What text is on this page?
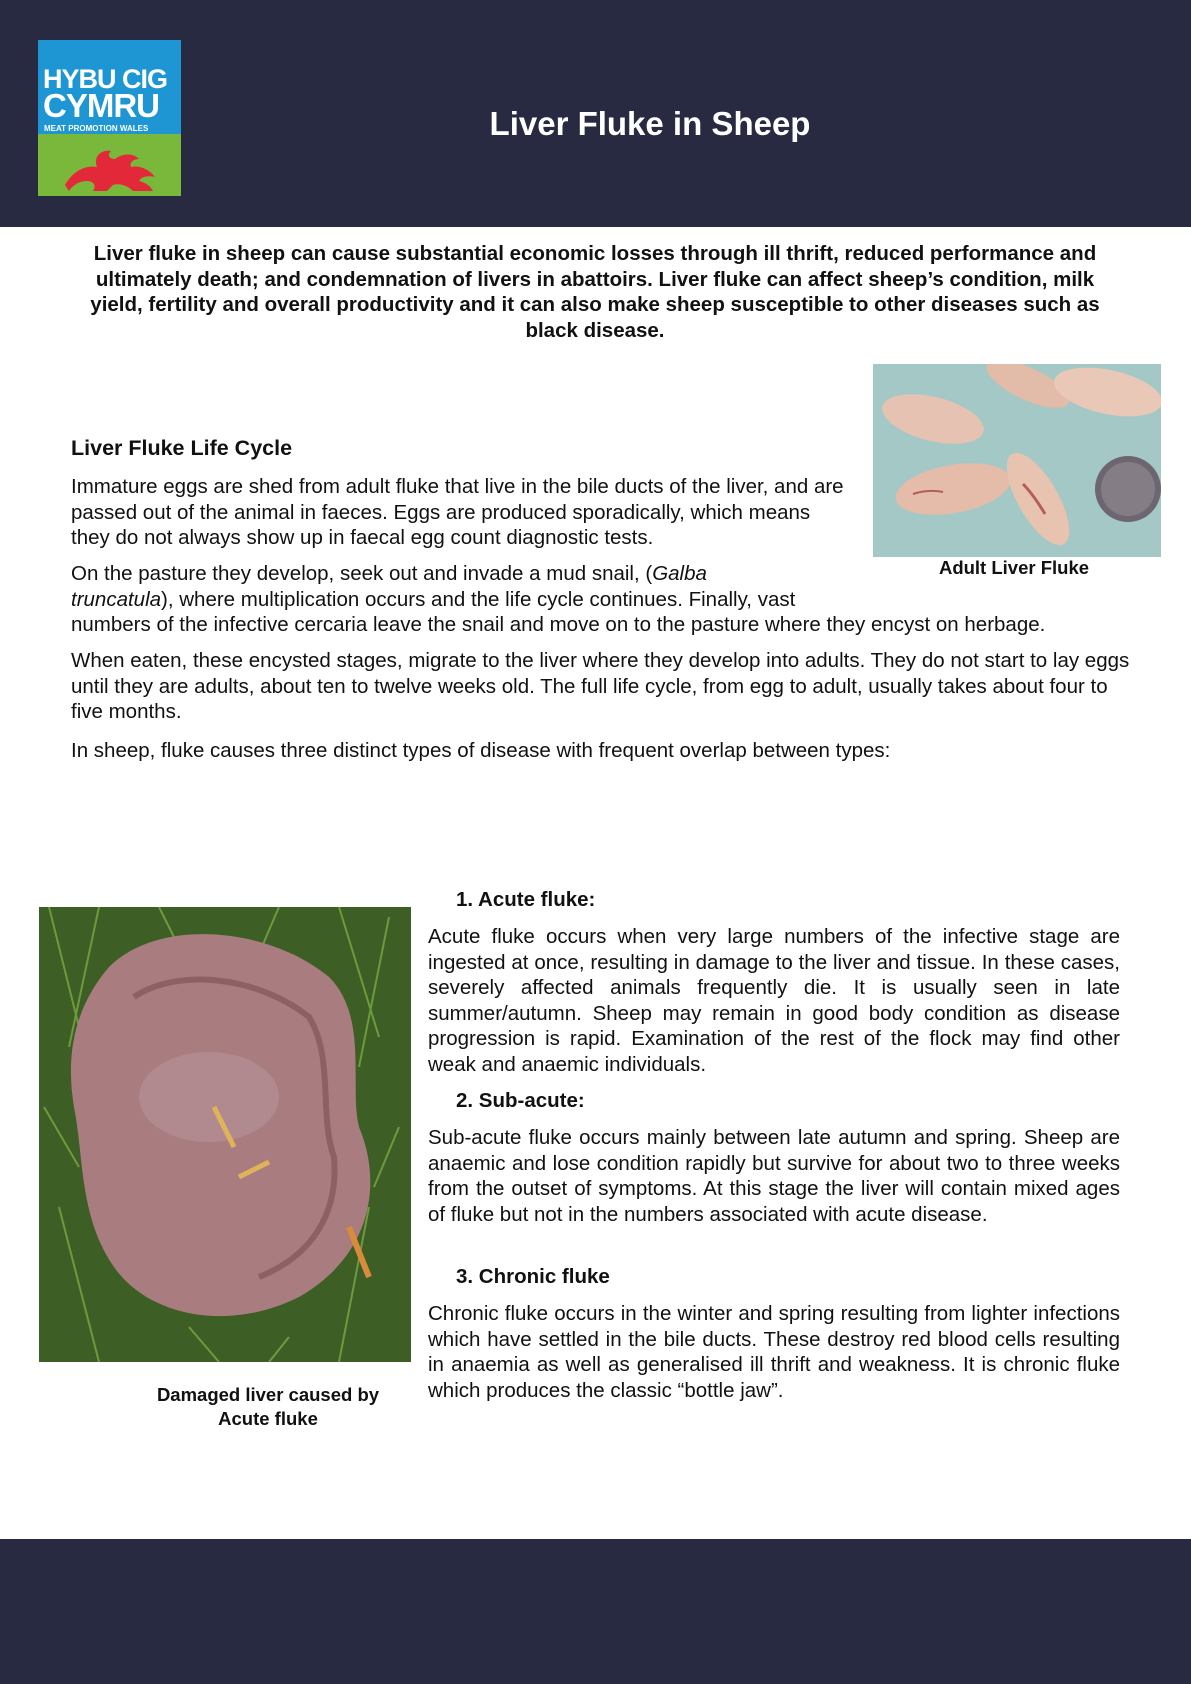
HYBU CIG
CYMRU
MEAT PROMOTION WALES	Liver Fluke in Sheep

Liver fluke in sheep can cause substantial economic losses through ill thrift, reduced performance and ultimately death; and condemnation of livers in abattoirs. Liver fluke can affect sheep’s condition, milk yield, fertility and overall productivity and it can also make sheep susceptible to other diseases such as black disease.

Adult Liver Fluke

Liver Fluke Life Cycle

Immature eggs are shed from adult fluke that live in the bile ducts of the liver, and are passed out of the animal in faeces. Eggs are produced sporadically, which means they do not always show up in faecal egg count diagnostic tests.

On the pasture they develop, seek out and invade a mud snail, (Galba
truncatula), where multiplication occurs and the life cycle continues. Finally, vast

numbers of the infective cercaria leave the snail and move on to the pasture where they encyst on herbage.

When eaten, these encysted stages, migrate to the liver where they develop into adults. They do not start to lay eggs until they are adults, about ten to twelve weeks old. The full life cycle, from egg to adult, usually takes about four to five months.

In sheep, fluke causes three distinct types of disease with frequent overlap between types:

Damaged liver caused by
Acute fluke

1. Acute fluke:

Acute fluke occurs when very large numbers of the infective stage are ingested at once, resulting in damage to the liver and tissue. In these cases, severely affected animals frequently die. It is usually seen in late summer/autumn. Sheep may remain in good body condition as disease progression is rapid. Examination of the rest of the flock may find other weak and anaemic individuals.

2. Sub-acute:

Sub-acute fluke occurs mainly between late autumn and spring. Sheep are anaemic and lose condition rapidly but survive for about two to three weeks from the outset of symptoms. At this stage the liver will contain mixed ages of fluke but not in the numbers associated with acute disease.

3. Chronic fluke

Chronic fluke occurs in the winter and spring resulting from lighter infections which have settled in the bile ducts. These destroy red blood cells resulting in anaemia as well as generalised ill thrift and weakness. It is chronic fluke which produces the classic “bottle jaw”.
